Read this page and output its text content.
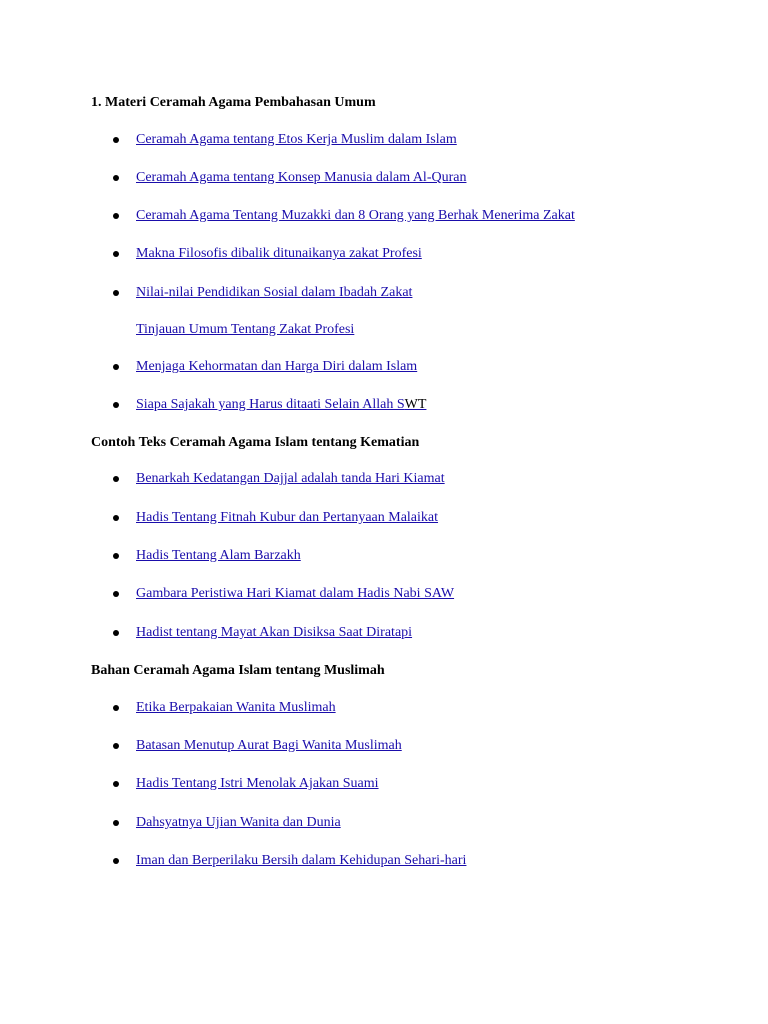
1. Materi Ceramah Agama Pembahasan Umum
Ceramah Agama tentang Etos Kerja Muslim dalam Islam
Ceramah Agama tentang Konsep Manusia dalam Al-Quran
Ceramah Agama Tentang Muzakki dan 8 Orang yang Berhak Menerima Zakat
Makna Filosofis dibalik ditunaikanya zakat Profesi
Nilai-nilai Pendidikan Sosial dalam Ibadah Zakat
Tinjauan Umum Tentang Zakat Profesi
Menjaga Kehormatan dan Harga Diri dalam Islam
Siapa Sajakah yang Harus ditaati Selain Allah SWT
Contoh Teks Ceramah Agama Islam tentang Kematian
Benarkah Kedatangan Dajjal adalah tanda Hari Kiamat
Hadis Tentang Fitnah Kubur dan Pertanyaan Malaikat
Hadis Tentang Alam Barzakh
Gambara Peristiwa Hari Kiamat dalam Hadis Nabi SAW
Hadist tentang Mayat Akan Disiksa Saat Diratapi
Bahan Ceramah Agama Islam tentang Muslimah
Etika Berpakaian Wanita Muslimah
Batasan Menutup Aurat Bagi Wanita Muslimah
Hadis Tentang Istri Menolak Ajakan Suami
Dahsyatnya Ujian Wanita dan Dunia
Iman dan Berperilaku Bersih dalam Kehidupan Sehari-hari
